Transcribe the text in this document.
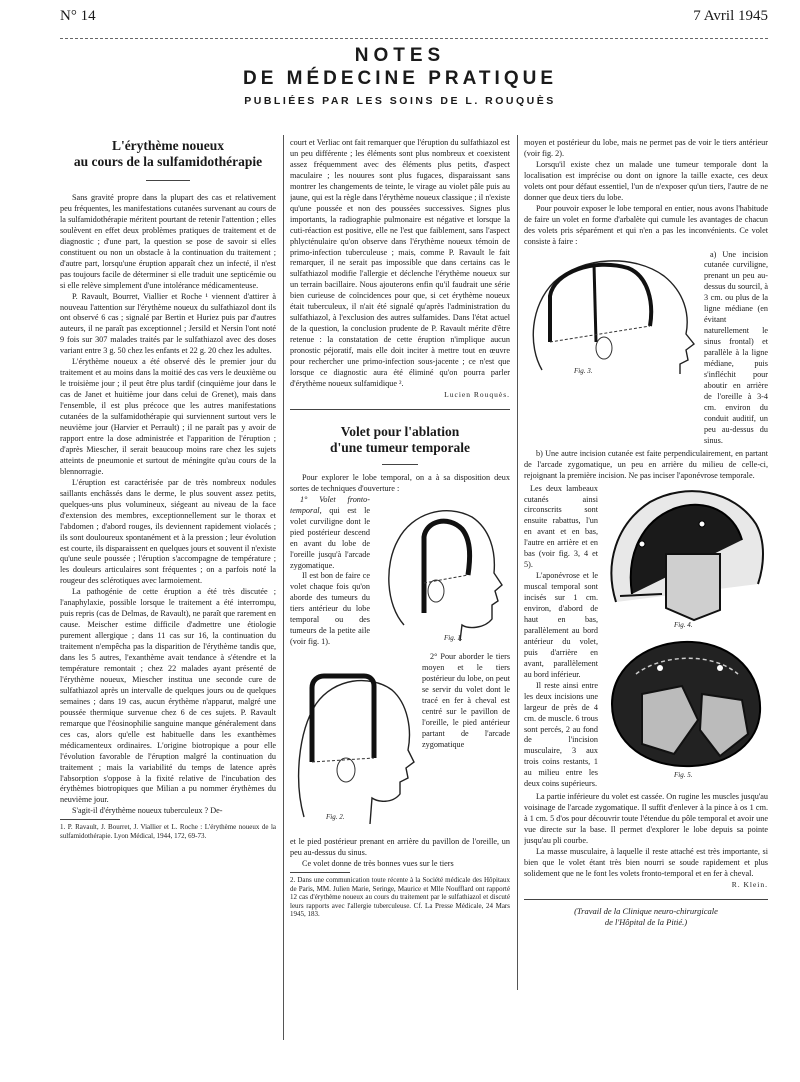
N° 14	7 Avril 1945
NOTES
DE MÉDECINE PRATIQUE
PUBLIÉES PAR LES SOINS DE L. ROUQUÈS
L'érythème noueux
au cours de la sulfamidothérapie

Sans gravité propre dans la plupart des cas et relativement peu fréquentes, les manifestations cutanées survenant au cours de la sulfamidothérapie méritent pourtant de retenir l'attention ; elles soulèvent en effet deux problèmes pratiques de traitement et de diagnostic ; d'une part, la question se pose de savoir si elles constituent ou non un obstacle à la continuation du traitement ; d'autre part, lorsqu'une éruption apparaît chez un infecté, il n'est pas toujours facile de déterminer si elle traduit une septicémie ou si elle relève simplement d'une intolérance médicamenteuse.

P. Ravault, Bourret, Viallier et Roche ¹ viennent d'attirer à nouveau l'attention sur l'érythème noueux du sulfathiazol dont ils ont observé 6 cas ; signalé par Bertin et Huriez puis par d'autres auteurs, il ne paraît pas exceptionnel ; Jersild et Nersin l'ont noté 9 fois sur 307 malades traités par le sulfathiazol avec des doses variant entre 3 g. 50 chez les enfants et 22 g. 20 chez les adultes.

L'érythème noueux a été observé dès le premier jour du traitement et au moins dans la moitié des cas vers le deuxième ou le troisième jour ; il peut être plus tardif (cinquième jour dans le cas de Janet et huitième jour dans celui de Grenet), mais dans l'ensemble, il est plus précoce que les autres manifestations cutanées de la sulfamidothérapie qui surviennent surtout vers le neuvième jour (Harvier et Perrault) ; il ne paraît pas y avoir de rapport entre la dose administrée et l'apparition de l'éruption ; d'après Miescher, il serait beaucoup moins rare chez les sujets atteints de pneumonie et surtout de méningite qu'au cours de la blennorragie.

L'éruption est caractérisée par de très nombreux nodules saillants enchâssés dans le derme, le plus souvent assez petits, quelques-uns plus volumineux, siégeant au niveau de la face d'extension des membres, exceptionnellement sur le thorax et l'abdomen ; d'abord rouges, ils deviennent rapidement violacés ; ils sont douloureux spontanément et à la pression ; leur évolution est courte, ils disparaissent en quelques jours et souvent il n'existe qu'une seule poussée ; l'éruption s'accompagne de température ; les douleurs articulaires sont fréquentes ; on a parfois noté la rougeur des sclérotiques avec larmoiement.

La pathogénie de cette éruption a été très discutée ; l'anaphylaxie, possible lorsque le traitement a été interrompu, puis repris (cas de Delmas, de Ravault), ne paraît que rarement en cause. Meischer estime difficile d'admettre une étiologie purement allergique ; dans 11 cas sur 16, la continuation du traitement n'empêcha pas la disparition de l'érythème tandis que, dans les 5 autres, l'exanthème avait tendance à s'étendre et la température remontait ; chez 22 malades ayant présenté de l'érythème noueux, Miescher institua une seconde cure de sulfathiazol après un intervalle de quelques jours ou de quelques semaines ; dans 19 cas, aucun érythème n'apparut, malgré une poussée thermique survenue chez 6 de ces sujets. P. Ravault remarque que l'éosinophilie sanguine manque généralement dans ces cas, alors qu'elle est habituelle dans les exanthèmes médicamenteux ordinaires. L'origine biotropique a pour elle l'évolution favorable de l'éruption malgré la continuation du traitement ; mais la variabilité du temps de latence après l'absorption s'oppose à la fixité relative de l'incubation des érythèmes biotropiques que Milian a pu nommer érythèmes du neuvième jour.

S'agit-il d'érythème noueux tuberculeux ? De-

1. P. Ravault, J. Bourret, J. Viallier et L. Roche : L'érythème noueux de la sulfamidothérapie. Lyon Médical, 1944, 172, 69-73.

court et Verliac ont fait remarquer que l'éruption du sulfathiazol est un peu différente ; les éléments sont plus nombreux et coexistent assez fréquemment avec des éléments plus petits, d'aspect maculaire ; les nouures sont plus fugaces, disparaissant sans montrer les changements de teinte, le virage au violet pâle puis au jaune, qui est la règle dans l'érythème noueux classique ; il n'existe qu'une poussée et non des poussées successives. Signes plus importants, la radiographie pulmonaire est négative et lorsque la cuti-réaction est positive, elle ne l'est que faiblement, sans l'aspect phlycténulaire qu'on observe dans l'érythème noueux témoin de primo-infection tuberculeuse ; mais, comme P. Ravault le fait remarquer, il ne serait pas impossible que dans certains cas le sulfathiazol modifie l'allergie et déclenche l'érythème noueux sur un terrain bacillaire. Nous ajouterons enfin qu'il faudrait une série bien curieuse de coïncidences pour que, si cet érythème noueux était tuberculeux, il n'ait été signalé qu'après l'administration du sulfathiazol, à l'exclusion des autres sulfamides. Dans l'état actuel de la question, la conclusion prudente de P. Ravault mérite d'être retenue : la constatation de cette éruption n'implique aucun pronostic péjoratif, mais elle doit inciter à mettre tout en œuvre pour rechercher une primo-infection sous-jacente ; ce n'est que lorsque ce diagnostic aura été éliminé qu'on pourra parler d'érythème noueux sulfamidique ².

Lucien Rouquès.
Volet pour l'ablation
d'une tumeur temporale

Pour explorer le lobe temporal, on a à sa disposition deux sortes de techniques d'ouverture :

1° Volet fronto-temporal, qui est le volet curviligne dont le pied postérieur descend en avant du lobe de l'oreille jusqu'à l'arcade zygomatique.

Il est bon de faire ce volet chaque fois qu'on aborde des tumeurs du tiers antérieur du lobe temporal ou des tumeurs de la petite aile (voir fig. 1).	Fig. 1.
Fig. 2.

2° Pour aborder le tiers moyen et le tiers postérieur du lobe, on peut se servir du volet dont le tracé en fer à cheval est centré sur le pavillon de l'oreille, le pied antérieur partant de l'arcade zygomatique

et le pied postérieur prenant en arrière du pavillon de l'oreille, un peu au-dessus du sinus.

Ce volet donne de très bonnes vues sur le tiers

2. Dans une communication toute récente à la Société médicale des Hôpitaux de Paris, MM. Julien Marie, Seringe, Maurice et Mlle Noufflard ont rapporté 12 cas d'érythème noueux au cours du traitement par le sulfathiazol et discuté leurs rapports avec l'allergie tuberculeuse. Cf. La Presse Médicale, 24 Mars 1945, 183.

moyen et postérieur du lobe, mais ne permet pas de voir le tiers antérieur (voir fig. 2).

Lorsqu'il existe chez un malade une tumeur temporale dont la localisation est imprécise ou dont on ignore la taille exacte, ces deux volets ont pour défaut essentiel, l'un de n'exposer qu'un tiers, l'autre de ne donner que deux tiers du lobe.

Pour pouvoir exposer le lobe temporal en entier, nous avons l'habitude de faire un volet en forme d'arbalète qui cumule les avantages de chacun des volets pris séparément et qui n'en a pas les inconvénients. Ce volet consiste à faire :

Fig. 3.

a) Une incision cutanée curviligne, prenant un peu au-dessus du sourcil, à 3 cm. ou plus de la ligne médiane (en évitant naturellement le sinus frontal) et parallèle à la ligne médiane, puis s'infléchit pour aboutir en arrière de l'oreille à 3-4 cm. environ du conduit auditif, un peu au-dessus du sinus.

b) Une autre incision cutanée est faite perpendiculairement, en partant de l'arcade zygomatique, un peu en arrière du milieu de celle-ci, rejoignant la première incision. Ne pas inciser l'aponévrose temporale.

Les deux lambeaux cutanés ainsi circonscrits sont ensuite rabattus, l'un en avant et en bas, l'autre en arrière et en bas (voir fig. 3, 4 et 5).

L'aponévrose et le muscal temporal sont incisés sur 1 cm. environ, d'abord de haut en bas, parallèlement au bord antérieur du volet, puis d'arrière en avant, parallèlement au bord inférieur.

Il reste ainsi entre les deux incisions une largeur de près de 4 cm. de muscle. 6 trous sont percés, 2 au fond de l'incision musculaire, 3 aux trois coins restants, 1 au milieu entre les deux coins supérieurs.

Fig. 4.
Fig. 5.

La partie inférieure du volet est cassée. On rugine les muscles jusqu'au voisinage de l'arcade zygomatique. Il suffit d'enlever à la pince à os 1 cm. à 1 cm. 5 d'os pour découvrir toute l'étendue du pôle temporal et avoir une vue directe sur la base. Il permet d'explorer le lobe depuis sa pointe jusqu'au pli courbe.

La masse musculaire, à laquelle il reste attaché est très importante, si bien que le volet étant très bien nourri se soude rapidement et plus solidement que ne le font les volets fronto-temporal et en fer à cheval.

R. Klein.
(Travail de la Clinique neuro-chirurgicale
de l'Hôpital de la Pitié.)
